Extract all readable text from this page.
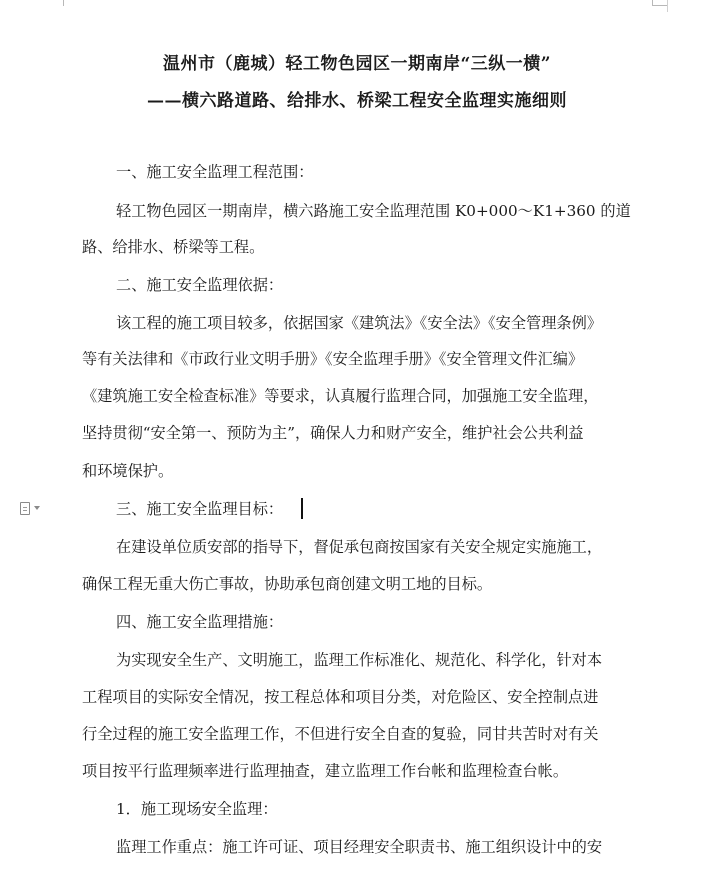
温州市（鹿城）轻工物色园区一期南岸“三纵一横”
——横六路道路、给排水、桥梁工程安全监理实施细则
一、施工安全监理工程范围：
轻工物色园区一期南岸，横六路施工安全监理范围 K0+000～K1+360 的道
路、给排水、桥梁等工程。
二、施工安全监理依据：
该工程的施工项目较多，依据国家《建筑法》《安全法》《安全管理条例》
等有关法律和《市政行业文明手册》《安全监理手册》《安全管理文件汇编》
《建筑施工安全检查标准》等要求，认真履行监理合同，加强施工安全监理，
坚持贯彻“安全第一、预防为主”，确保人力和财产安全，维护社会公共利益
和环境保护。
三、施工安全监理目标：
在建设单位质安部的指导下，督促承包商按国家有关安全规定实施施工，
确保工程无重大伤亡事故，协助承包商创建文明工地的目标。
四、施工安全监理措施：
为实现安全生产、文明施工，监理工作标准化、规范化、科学化，针对本
工程项目的实际安全情况，按工程总体和项目分类，对危险区、安全控制点进
行全过程的施工安全监理工作，不但进行安全自查的复验，同甘共苦时对有关
项目按平行监理频率进行监理抽查，建立监理工作台帐和监理检查台帐。
1．施工现场安全监理：
监理工作重点：施工许可证、项目经理安全职责书、施工组织设计中的安
